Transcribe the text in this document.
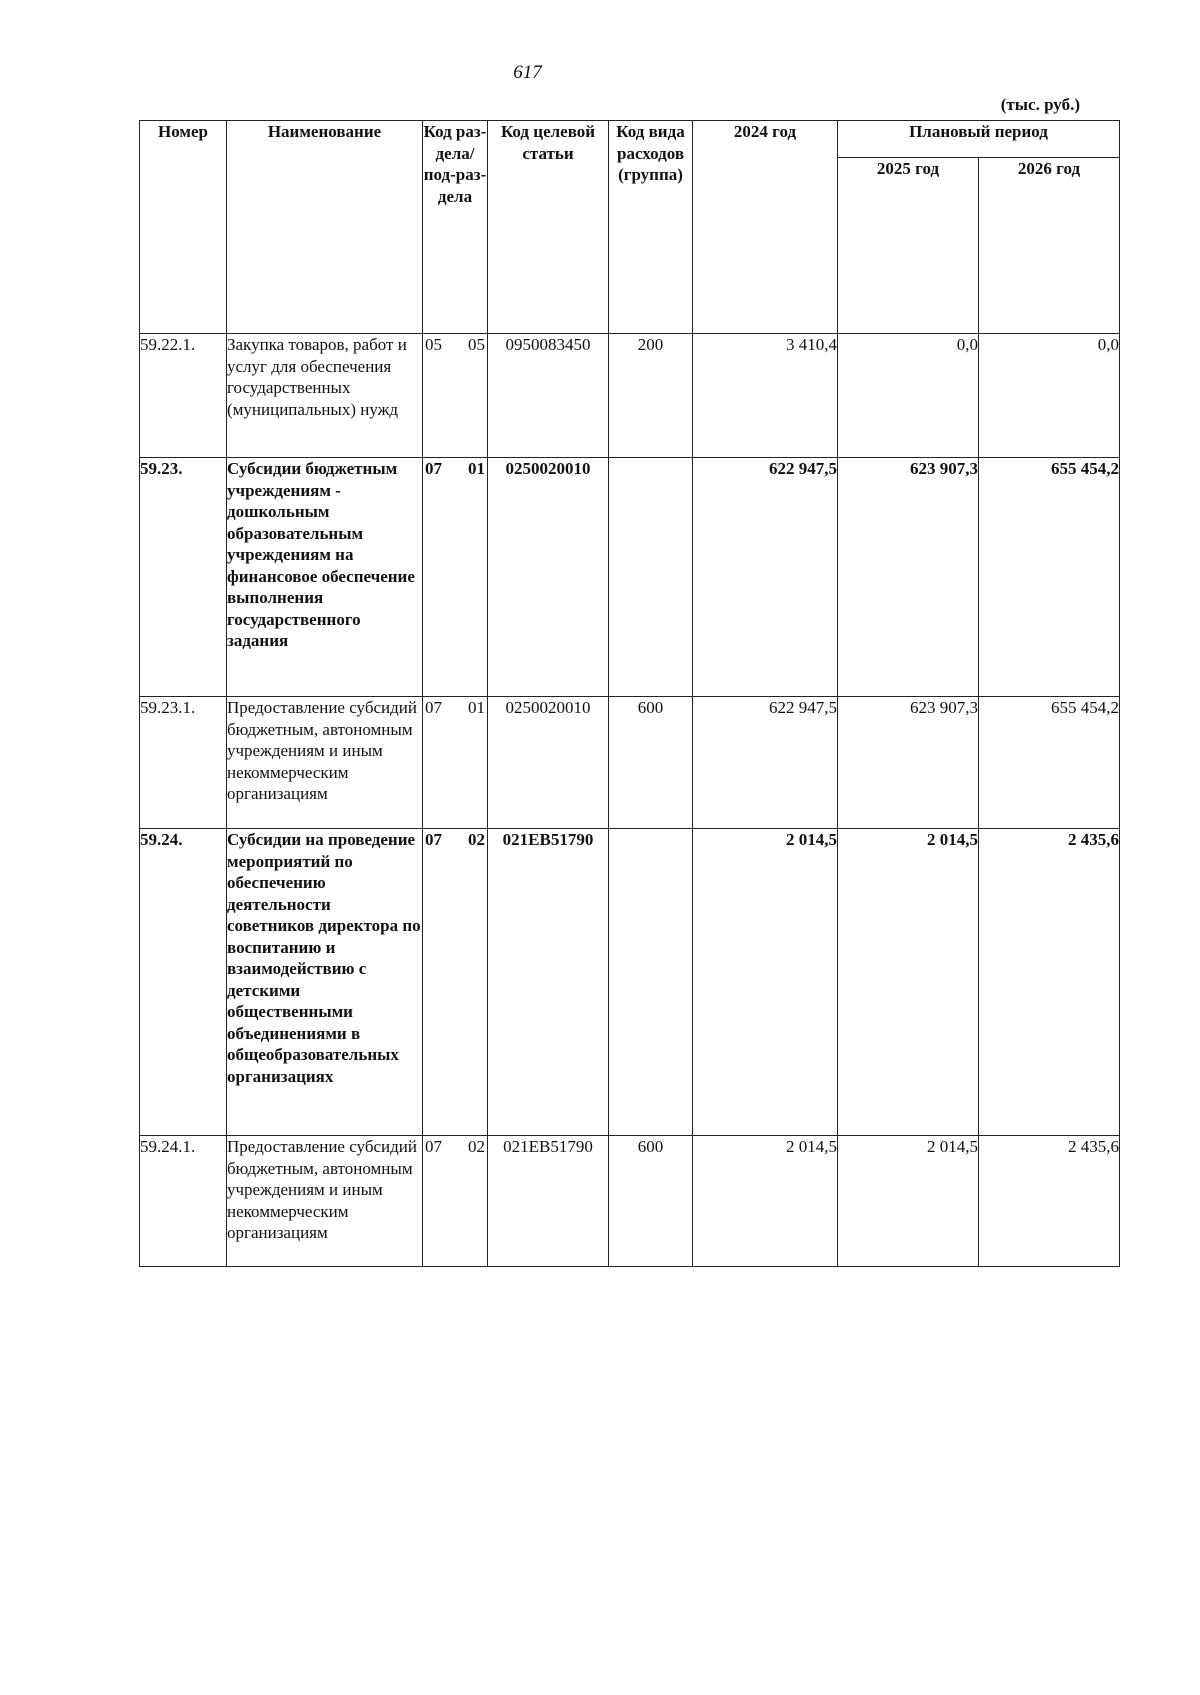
617
(тыс. руб.)
Номер	Наименование	Код раз-дела/ под-раз-дела	Код целевой статьи	Код вида расходов (группа)	2024 год	Плановый период	
						2025 год	2026 год
59.22.1.	Закупка товаров, работ и услуг для обеспечения государственных (муниципальных) нужд	05 05	0950083450	200	3 410,4	0,0	0,0
59.23.	Субсидии бюджетным учреждениям - дошкольным образовательным учреждениям на финансовое обеспечение выполнения государственного задания	07 01	0250020010		622 947,5	623 907,3	655 454,2
59.23.1.	Предоставление субсидий бюджетным, автономным учреждениям и иным некоммерческим организациям	07 01	0250020010	600	622 947,5	623 907,3	655 454,2
59.24.	Субсидии на проведение мероприятий по обеспечению деятельности советников директора по воспитанию и взаимодействию с детскими общественными объединениями в общеобразовательных организациях	07 02	021EB51790		2 014,5	2 014,5	2 435,6
59.24.1.	Предоставление субсидий бюджетным, автономным учреждениям и иным некоммерческим организациям	07 02	021EB51790	600	2 014,5	2 014,5	2 435,6
